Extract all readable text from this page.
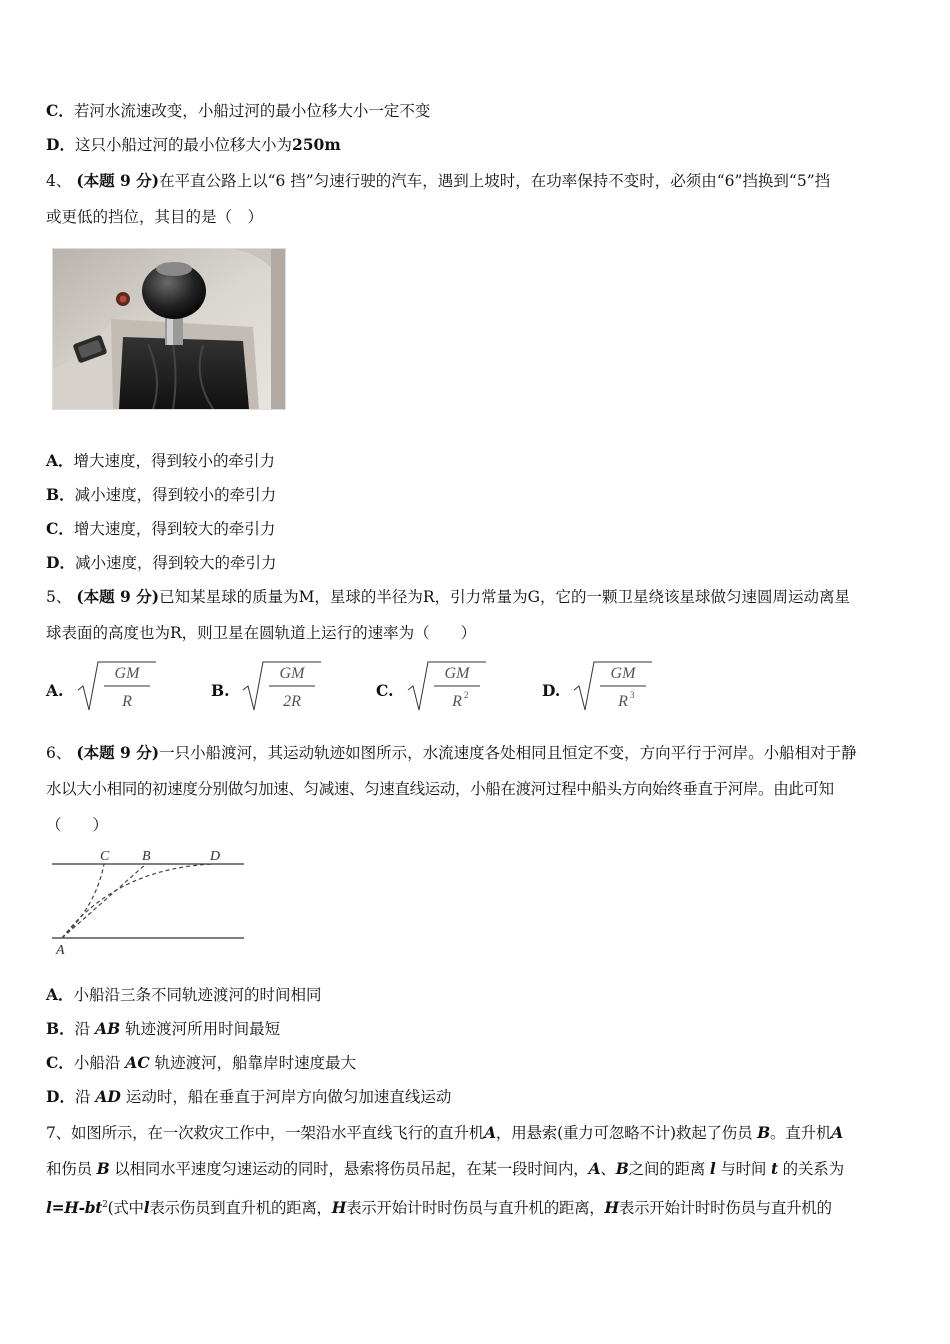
C．若河水流速改变，小船过河的最小位移大小一定不变
D．这只小船过河的最小位移大小为250m
4、 (本题 9 分)在平直公路上以“6 挡”匀速行驶的汽车，遇到上坡时，在功率保持不变时，必须由“6”挡换到“5”挡
或更低的挡位，其目的是（　）
A．增大速度，得到较小的牵引力
B．减小速度，得到较小的牵引力
C．增大速度，得到较大的牵引力
D．减小速度，得到较大的牵引力
5、 (本题 9 分)已知某星球的质量为M，星球的半径为R，引力常量为G，它的一颗卫星绕该星球做匀速圆周运动离星
球表面的高度也为R，则卫星在圆轨道上运行的速率为（　　）
A.
GM
R
B.
GM
2R
C.
GM
R 2	D.
GM
R 3
6、 (本题 9 分)一只小船渡河，其运动轨迹如图所示，水流速度各处相同且恒定不变，方向平行于河岸。小船相对于静
水以大小相同的初速度分别做匀加速、匀减速、匀速直线运动，小船在渡河过程中船头方向始终垂直于河岸。由此可知
（　　）
C B	D
A
A．小船沿三条不同轨迹渡河的时间相同
B．沿 AB 轨迹渡河所用时间最短
C．小船沿 AC 轨迹渡河，船靠岸时速度最大
D．沿 AD 运动时，船在垂直于河岸方向做匀加速直线运动
7、如图所示，在一次救灾工作中，一架沿水平直线飞行的直升机A，用悬索(重力可忽略不计)救起了伤员 B。直升机A
和伤员 B 以相同水平速度匀速运动的同时，悬索将伤员吊起，在某一段时间内，A、B之间的距离 l 与时间 t 的关系为
$l=H-bt^2$(式中l表示伤员到直升机的距离，H表示开始计时时伤员与直升机的距离，H表示开始计时时伤员与直升机的
